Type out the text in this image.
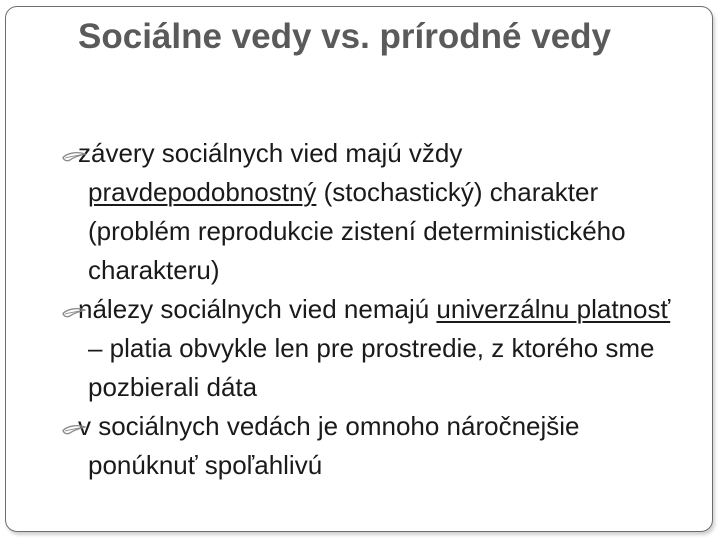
Sociálne vedy vs. prírodné vedy
závery sociálnych vied majú vždy pravdepodobnostný (stochastický) charakter (problém reprodukcie zistení deterministického charakteru)
nálezy sociálnych vied nemajú univerzálnu platnosť – platia obvykle len pre prostredie, z ktorého sme pozbierali dáta
v sociálnych vedách je omnoho náročnejšie ponúknuť spoľahlivú
